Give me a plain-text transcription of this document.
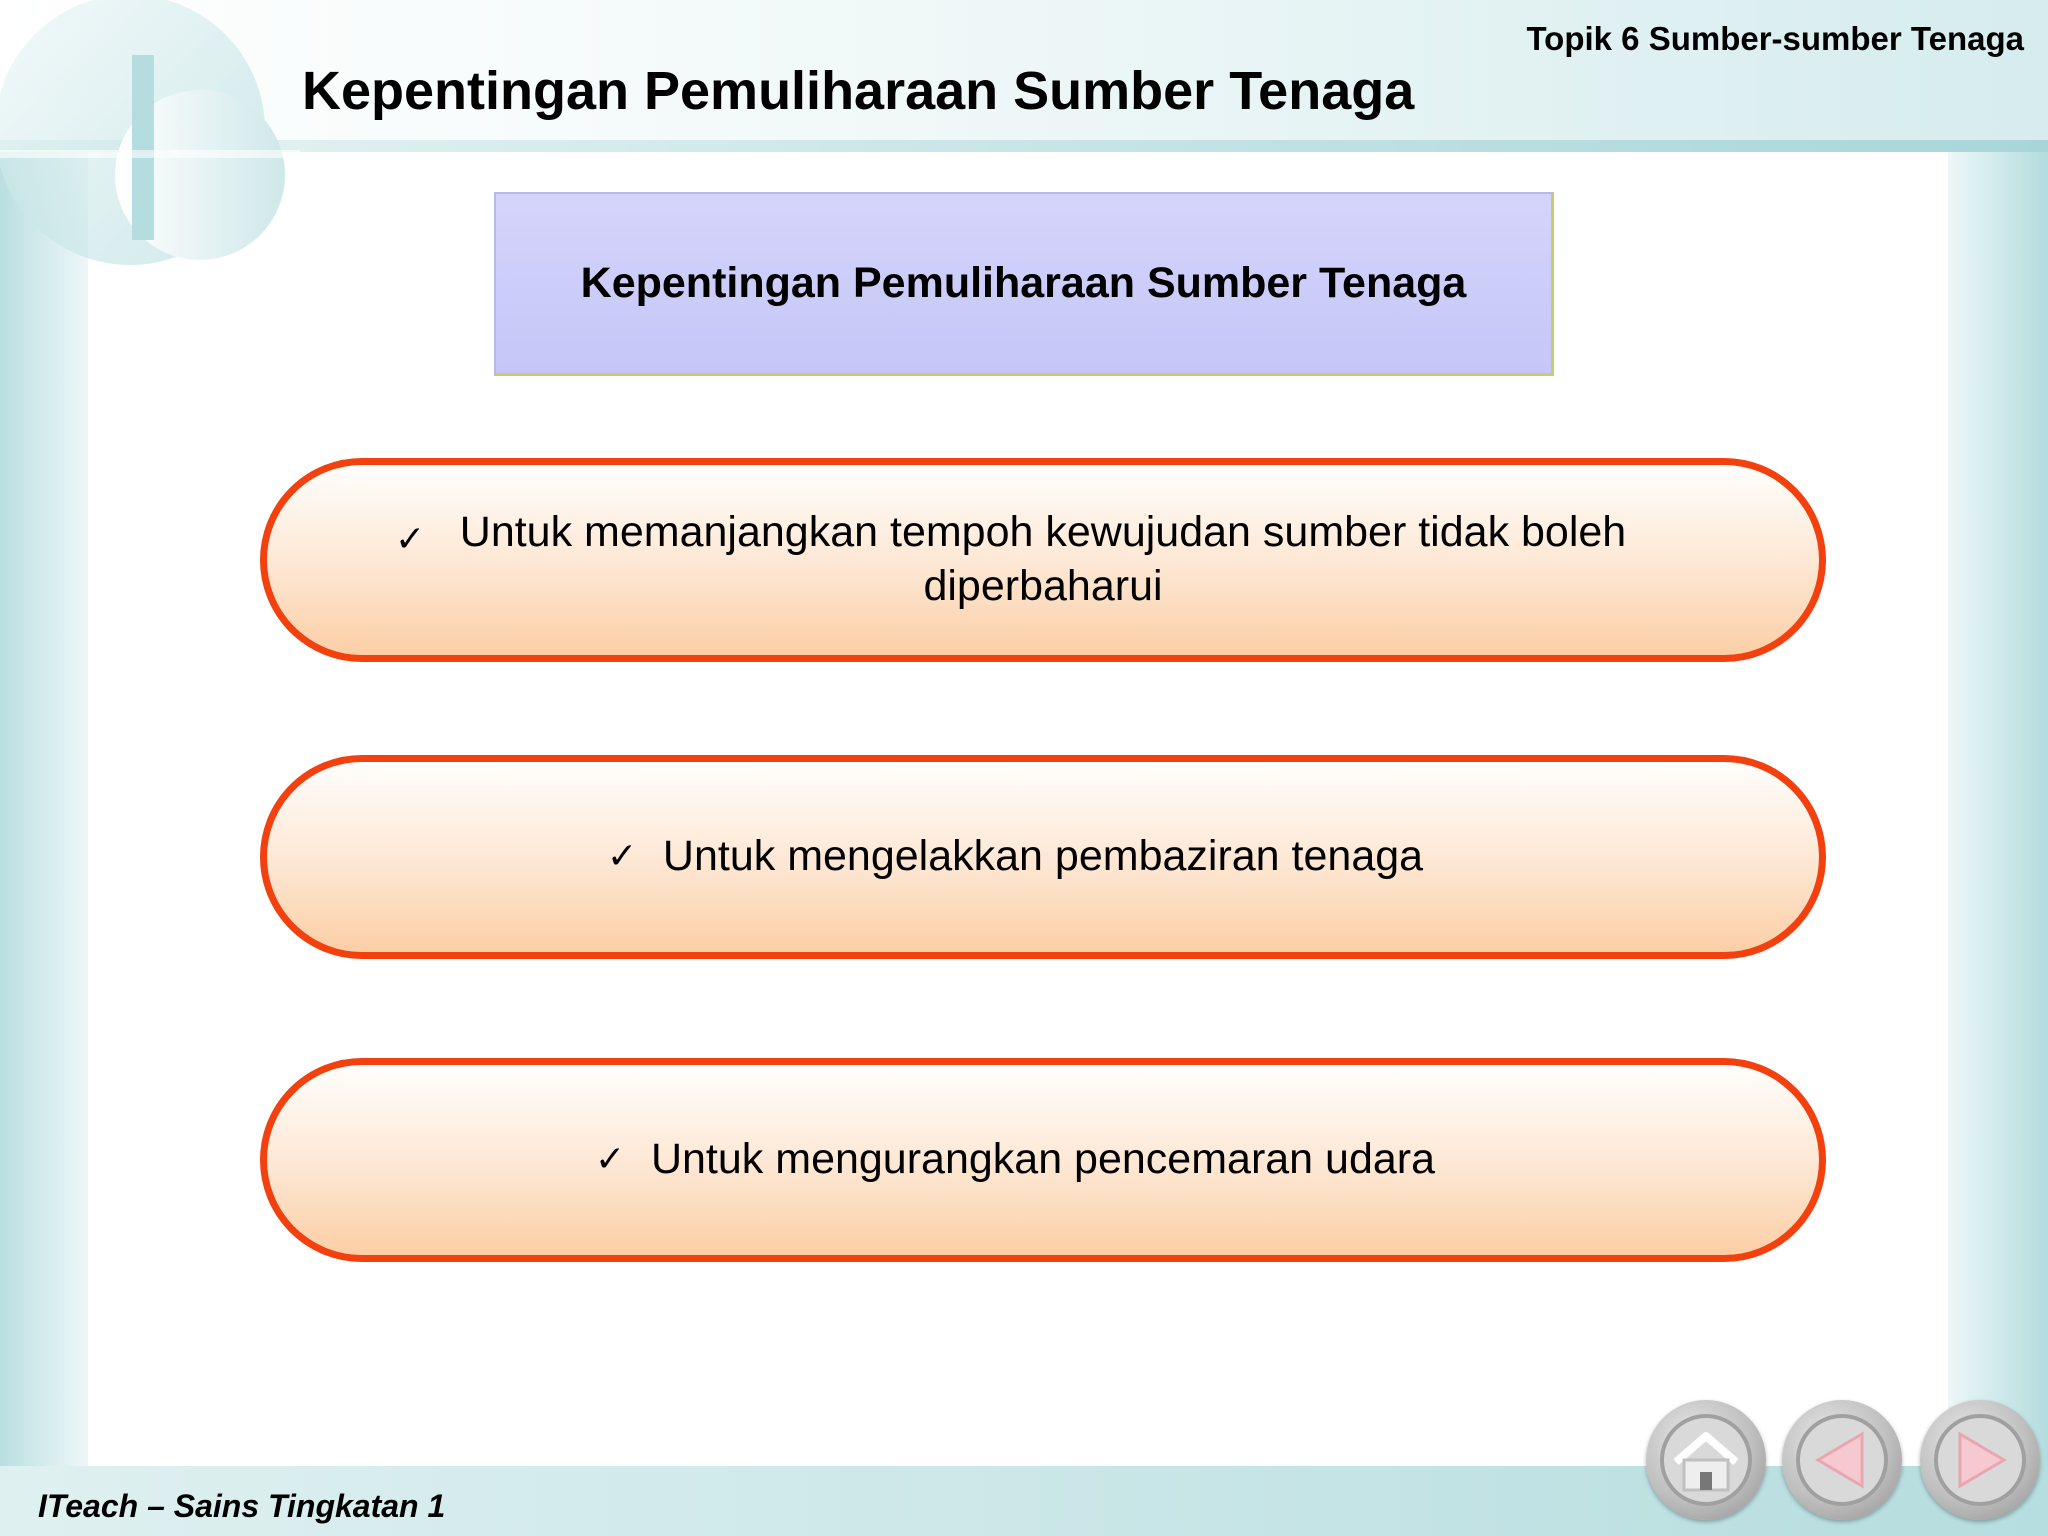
Topik 6 Sumber-sumber Tenaga
Kepentingan Pemuliharaan Sumber Tenaga
Kepentingan Pemuliharaan Sumber Tenaga
✓ Untuk memanjangkan tempoh kewujudan sumber tidak boleh diperbaharui
✓ Untuk mengelakkan pembaziran tenaga
✓ Untuk mengurangkan pencemaran udara
ITeach – Sains Tingkatan 1
